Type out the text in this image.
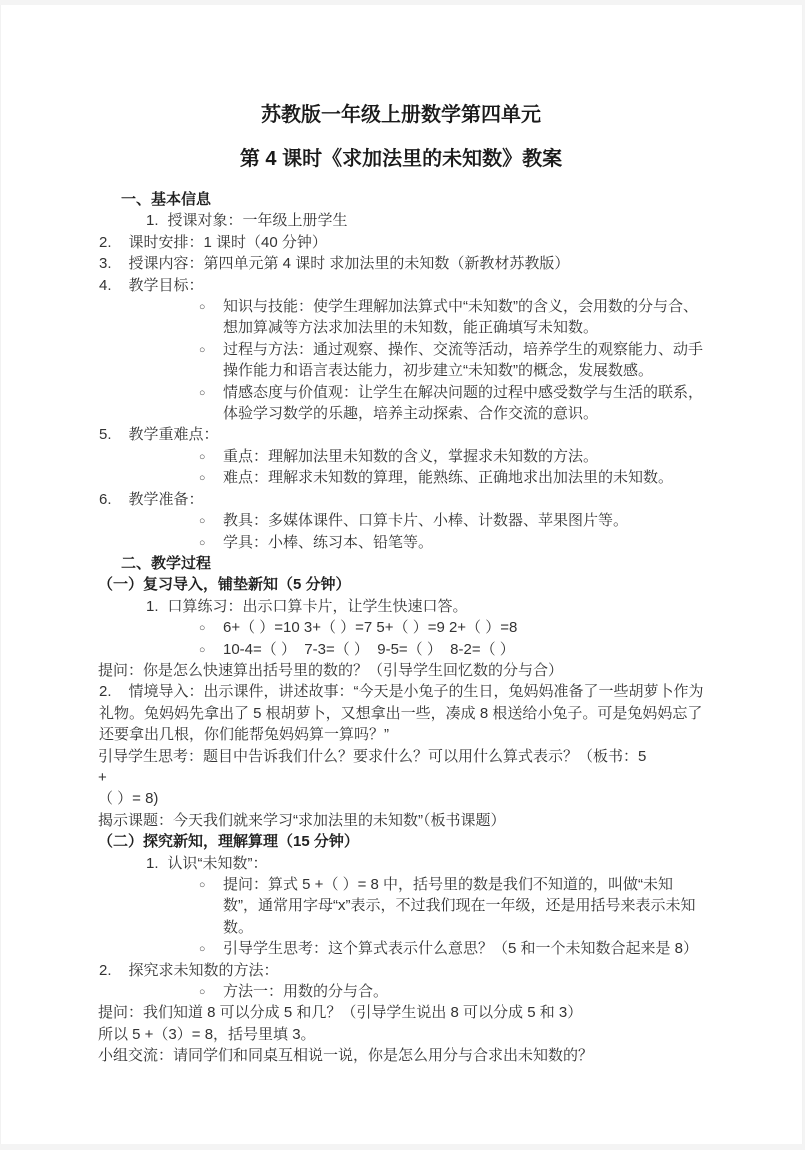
苏教版一年级上册数学第四单元

第 4 课时《求加法里的未知数》教案

一、基本信息

1. 授课对象：一年级上册学生

2. 课时安排：1 课时（40 分钟）

3. 授课内容：第四单元第 4 课时 求加法里的未知数（新教材苏教版）

4. 教学目标：

○ 知识与技能：使学生理解加法算式中“未知数”的含义，会用数的分与合、想加算减等方法求加法里的未知数，能正确填写未知数。

○ 过程与方法：通过观察、操作、交流等活动，培养学生的观察能力、动手操作能力和语言表达能力，初步建立“未知数”的概念，发展数感。

○ 情感态度与价值观：让学生在解决问题的过程中感受数学与生活的联系，体验学习数学的乐趣，培养主动探索、合作交流的意识。

5. 教学重难点：

○ 重点：理解加法里未知数的含义，掌握求未知数的方法。

○ 难点：理解求未知数的算理，能熟练、正确地求出加法里的未知数。

6. 教学准备：

○ 教具：多媒体课件、口算卡片、小棒、计数器、苹果图片等。

○ 学具：小棒、练习本、铅笔等。

二、教学过程

（一）复习导入，铺垫新知（5 分钟）

1. 口算练习：出示口算卡片，让学生快速口答。

○ 6+（ ）=10 3+（ ）=7 5+（ ）=9 2+（ ）=8

○ 10-4=（ ）  7-3=（ ）  9-5=（ ）  8-2=（ ）

提问：你是怎么快速算出括号里的数的？（引导学生回忆数的分与合）

2. 情境导入：出示课件，讲述故事：“今天是小兔子的生日，兔妈妈准备了一些胡萝卜作为礼物。兔妈妈先拿出了 5 根胡萝卜，又想拿出一些，凑成 8 根送给小兔子。可是兔妈妈忘了还要拿出几根，你们能帮兔妈妈算一算吗？”

引导学生思考：题目中告诉我们什么？要求什么？可以用什么算式表示？（板书：5            +

（ ）= 8)

揭示课题：今天我们就来学习“求加法里的未知数”（板书课题）

（二）探究新知，理解算理（15 分钟）

1. 认识“未知数”：

○ 提问：算式 5 +（ ）= 8 中，括号里的数是我们不知道的，叫做“未知数”，通常用字母“x”表示，不过我们现在一年级，还是用括号来表示未知数。

○ 引导学生思考：这个算式表示什么意思？（5 和一个未知数合起来是 8）

2. 探究求未知数的方法：

○ 方法一：用数的分与合。

提问：我们知道 8 可以分成 5 和几？（引导学生说出 8 可以分成 5 和 3）

所以 5 +（3）= 8，括号里填 3。

小组交流：请同学们和同桌互相说一说，你是怎么用分与合求出未知数的？
